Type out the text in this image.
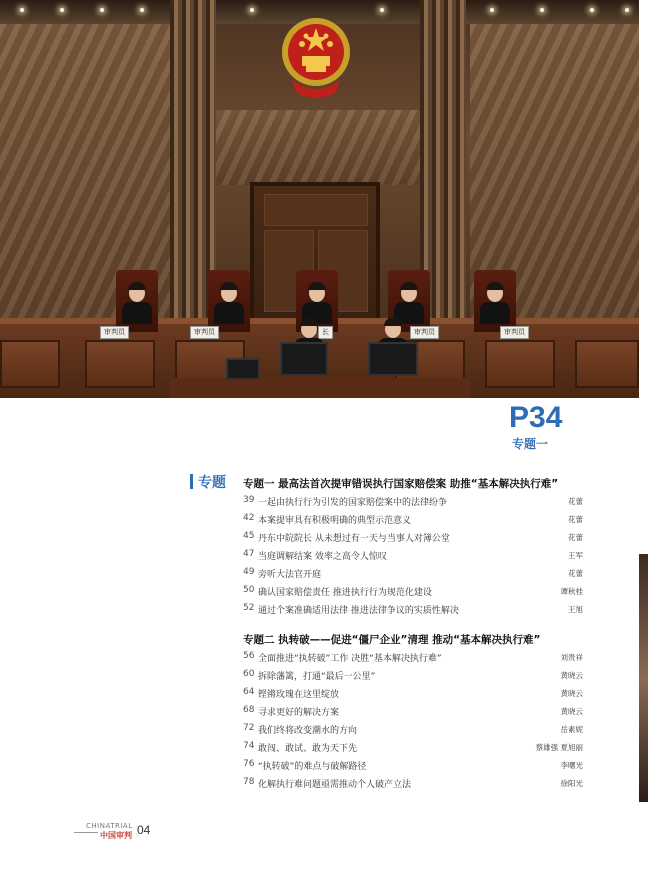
审判员	审判员	长	审判员	审判员
P34
专题一
专题 专题一 最高法首次提审错误执行国家赔偿案 助推“基本解决执行难”
39 一起由执行行为引发的国家赔偿案中的法律纷争	花蕾
42 本案提审具有积极明确的典型示范意义	花蕾
45 丹东中院院长 从未想过有一天与当事人对簿公堂	花蕾
47 当庭调解结案 效率之高令人惊叹	王军
49 旁听大法官开庭	花蕾
50 确认国家赔偿责任 推进执行行为规范化建设	谭秋桂
52 通过个案准确适用法律 推进法律争议的实质性解决	王旭
专题二 执转破——促进“僵尸企业”清理 推动“基本解决执行难”
56 全面推进“执转破”工作 决胜“基本解决执行难”	刘贵祥
60 拆除藩篱，打通“最后一公里”	黄晓云
64 铿锵玫瑰在这里绽放	黄晓云
68 寻求更好的解决方案	黄晓云
72 我们终将改变潮水的方向	岳素妮
74 敢闯、敢试、敢为天下先	蔡雄强 夏旭丽
76 “执转破”的难点与破解路径	李曙光
78 化解执行难问题亟需推动个人破产立法	徐阳光
CHINATRIAL
中国审判 04
